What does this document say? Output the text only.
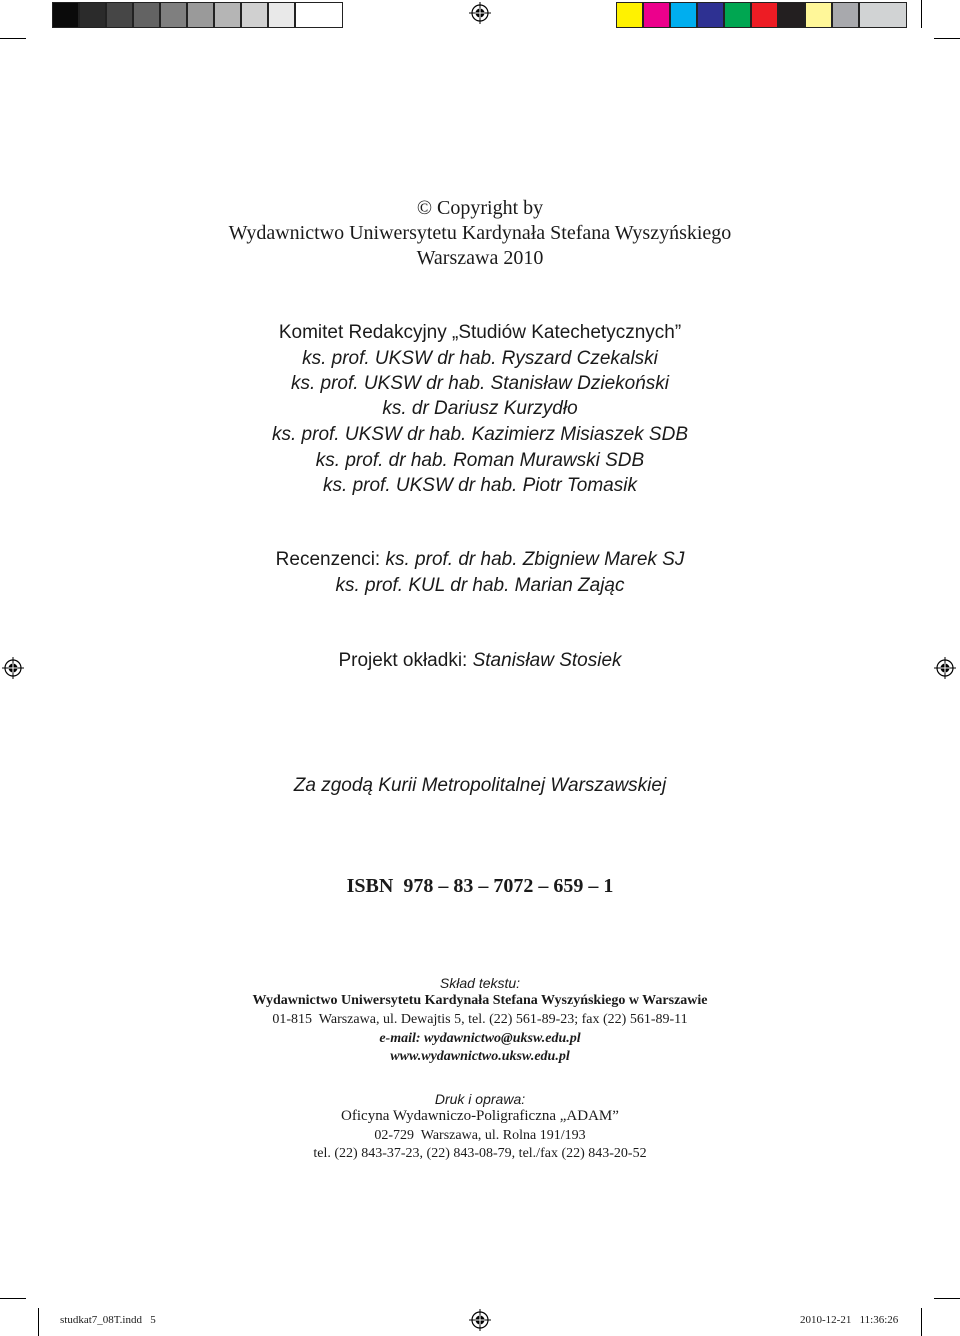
© Copyright by
Wydawnictwo Uniwersytetu Kardynała Stefana Wyszyńskiego
Warszawa 2010
Komitet Redakcyjny „Studiów Katechetycznych”
ks. prof. UKSW dr hab. Ryszard Czekalski
ks. prof. UKSW dr hab. Stanisław Dziekoński
ks. dr Dariusz Kurzydło
ks. prof. UKSW dr hab. Kazimierz Misiaszek SDB
ks. prof. dr hab. Roman Murawski SDB
ks. prof. UKSW dr hab. Piotr Tomasik
Recenzenci: ks. prof. dr hab. Zbigniew Marek SJ
ks. prof. KUL dr hab. Marian Zając
Projekt okładki: Stanisław Stosiek
Za zgodą Kurii Metropolitalnej Warszawskiej
ISBN  978 – 83 – 7072 – 659 – 1
Skład tekstu:
Wydawnictwo Uniwersytetu Kardynała Stefana Wyszyńskiego w Warszawie
01-815  Warszawa, ul. Dewajtis 5, tel. (22) 561-89-23; fax (22) 561-89-11
e-mail: wydawnictwo@uksw.edu.pl
www.wydawnictwo.uksw.edu.pl
Druk i oprawa:
Oficyna Wydawniczo-Poligraficzna „ADAM”
02-729  Warszawa, ul. Rolna 191/193
tel. (22) 843-37-23, (22) 843-08-79, tel./fax (22) 843-20-52
studkat7_08T.indd   5	2010-12-21   11:36:26
